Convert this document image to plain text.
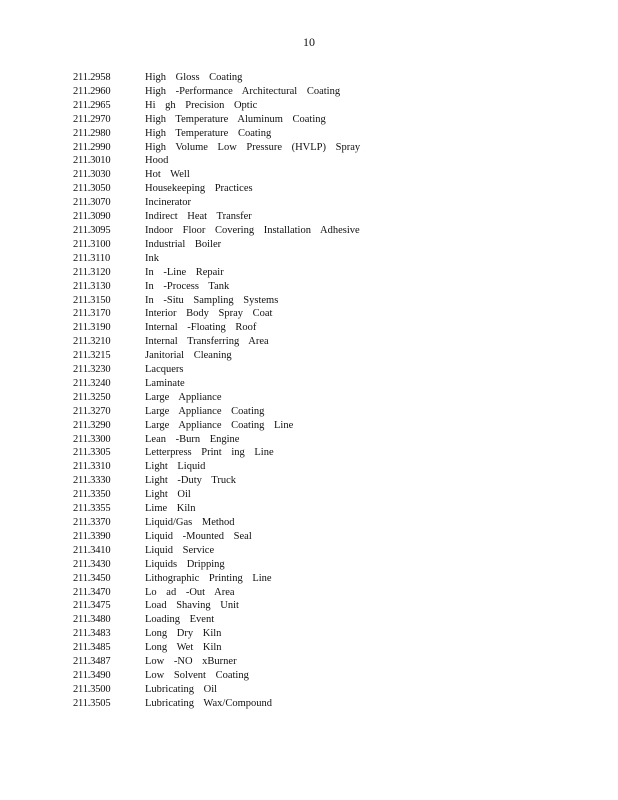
10
211.2958	High Gloss Coating
211.2960	High -Performance Architectural Coating
211.2965	Hi gh Precision Optic
211.2970	High Temperature Aluminum Coating
211.2980	High Temperature Coating
211.2990	High Volume Low Pressure (HVLP) Spray
211.3010	Hood
211.3030	Hot Well
211.3050	Housekeeping Practices
211.3070	Incinerator
211.3090	Indirect Heat Transfer
211.3095	Indoor Floor Covering Installation Adhesive
211.3100	Industrial Boiler
211.3110	Ink
211.3120	In -Line Repair
211.3130	In -Process Tank
211.3150	In -Situ Sampling Systems
211.3170	Interior Body Spray Coat
211.3190	Internal -Floating Roof
211.3210	Internal Transferring Area
211.3215	Janitorial Cleaning
211.3230	Lacquers
211.3240	Laminate
211.3250	Large Appliance
211.3270	Large Appliance Coating
211.3290	Large Appliance Coating Line
211.3300	Lean -Burn Engine
211.3305	Letterpress Print ing Line
211.3310	Light Liquid
211.3330	Light -Duty Truck
211.3350	Light Oil
211.3355	Lime Kiln
211.3370	Liquid/Gas Method
211.3390	Liquid -Mounted Seal
211.3410	Liquid Service
211.3430	Liquids Dripping
211.3450	Lithographic Printing Line
211.3470	Lo ad -Out Area
211.3475	Load Shaving Unit
211.3480	Loading Event
211.3483	Long Dry Kiln
211.3485	Long Wet Kiln
211.3487	Low -NO xBurner
211.3490	Low Solvent Coating
211.3500	Lubricating Oil
211.3505	Lubricating Wax/Compound
